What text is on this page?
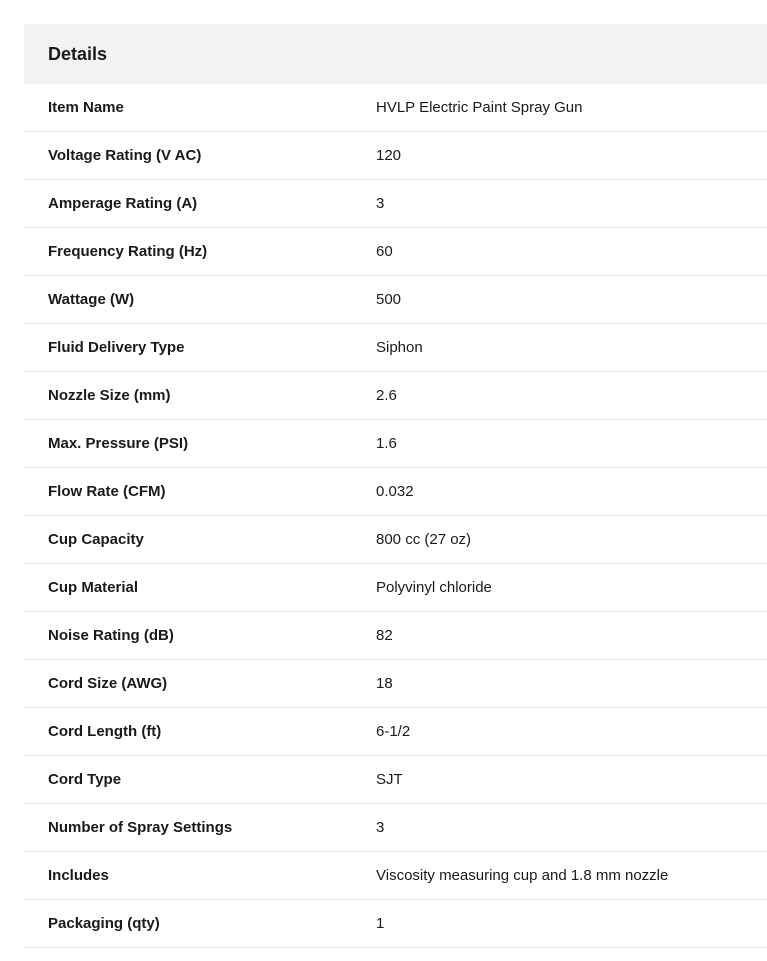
Details
Item Name	HVLP Electric Paint Spray Gun
Voltage Rating (V AC)	120
Amperage Rating (A)	3
Frequency Rating (Hz)	60
Wattage (W)	500
Fluid Delivery Type	Siphon
Nozzle Size (mm)	2.6
Max. Pressure (PSI)	1.6
Flow Rate (CFM)	0.032
Cup Capacity	800 cc (27 oz)
Cup Material	Polyvinyl chloride
Noise Rating (dB)	82
Cord Size (AWG)	18
Cord Length (ft)	6-1/2
Cord Type	SJT
Number of Spray Settings	3
Includes	Viscosity measuring cup and 1.8 mm nozzle
Packaging (qty)	1
